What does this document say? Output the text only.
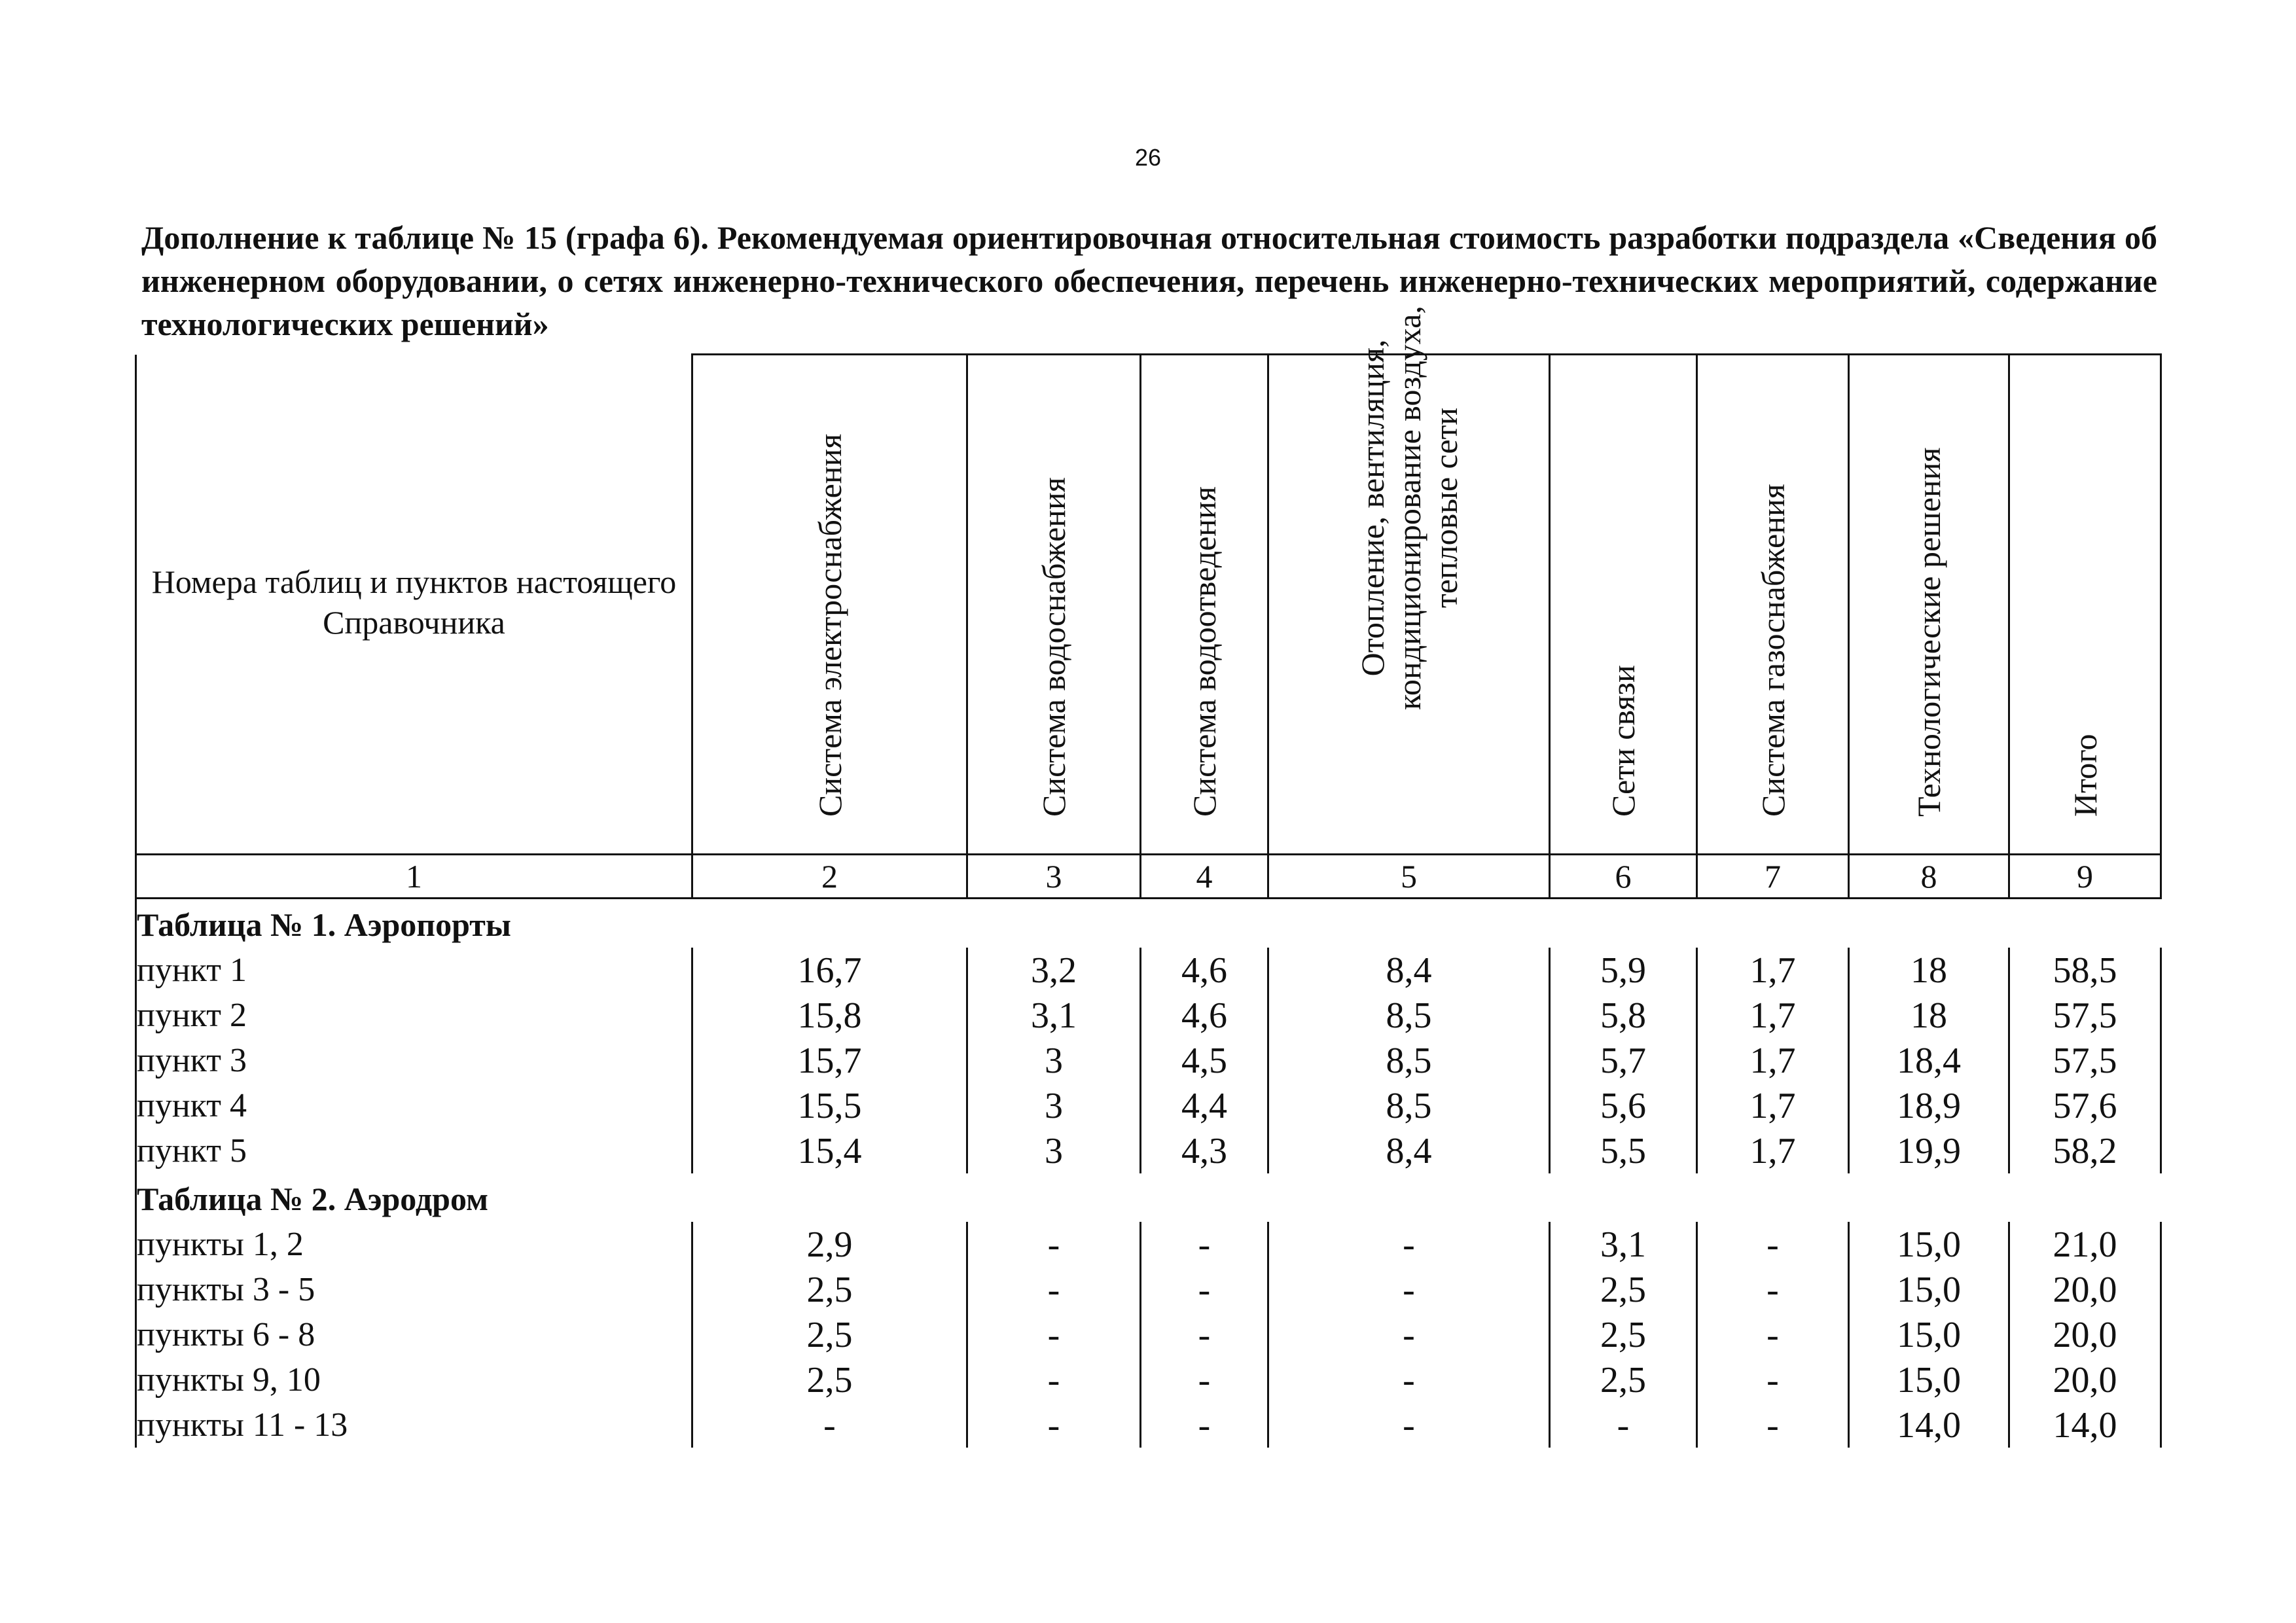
26
Дополнение к таблице № 15 (графа 6). Рекомендуемая ориентировочная относительная стоимость разработки подраздела «Сведения об инженерном оборудовании, о сетях инженерно-технического обеспечения, перечень инженерно-технических мероприятий, содержание технологических решений»
Номера таблиц и пунктов настоящего Справочника	Система электроснабжения	Система водоснабжения	Система водоотведения	Отопление, вентиляция, кондиционирование воздуха, тепловые сети	Сети связи	Система газоснабжения	Технологические решения	Итого

1	2	3	4	5	6	7	8	9
Таблица № 1. Аэропорты								
пункт 1	16,7	3,2	4,6	8,4	5,9	1,7	18	58,5
пункт 2	15,8	3,1	4,6	8,5	5,8	1,7	18	57,5
пункт 3	15,7	3	4,5	8,5	5,7	1,7	18,4	57,5
пункт 4	15,5	3	4,4	8,5	5,6	1,7	18,9	57,6
пункт 5	15,4	3	4,3	8,4	5,5	1,7	19,9	58,2
Таблица № 2. Аэродром								
пункты 1, 2	2,9	-	-	-	3,1	-	15,0	21,0
пункты 3 - 5	2,5	-	-	-	2,5	-	15,0	20,0
пункты 6 - 8	2,5	-	-	-	2,5	-	15,0	20,0
пункты 9, 10	2,5	-	-	-	2,5	-	15,0	20,0
пункты 11 - 13	-	-	-	-	-	-	14,0	14,0
